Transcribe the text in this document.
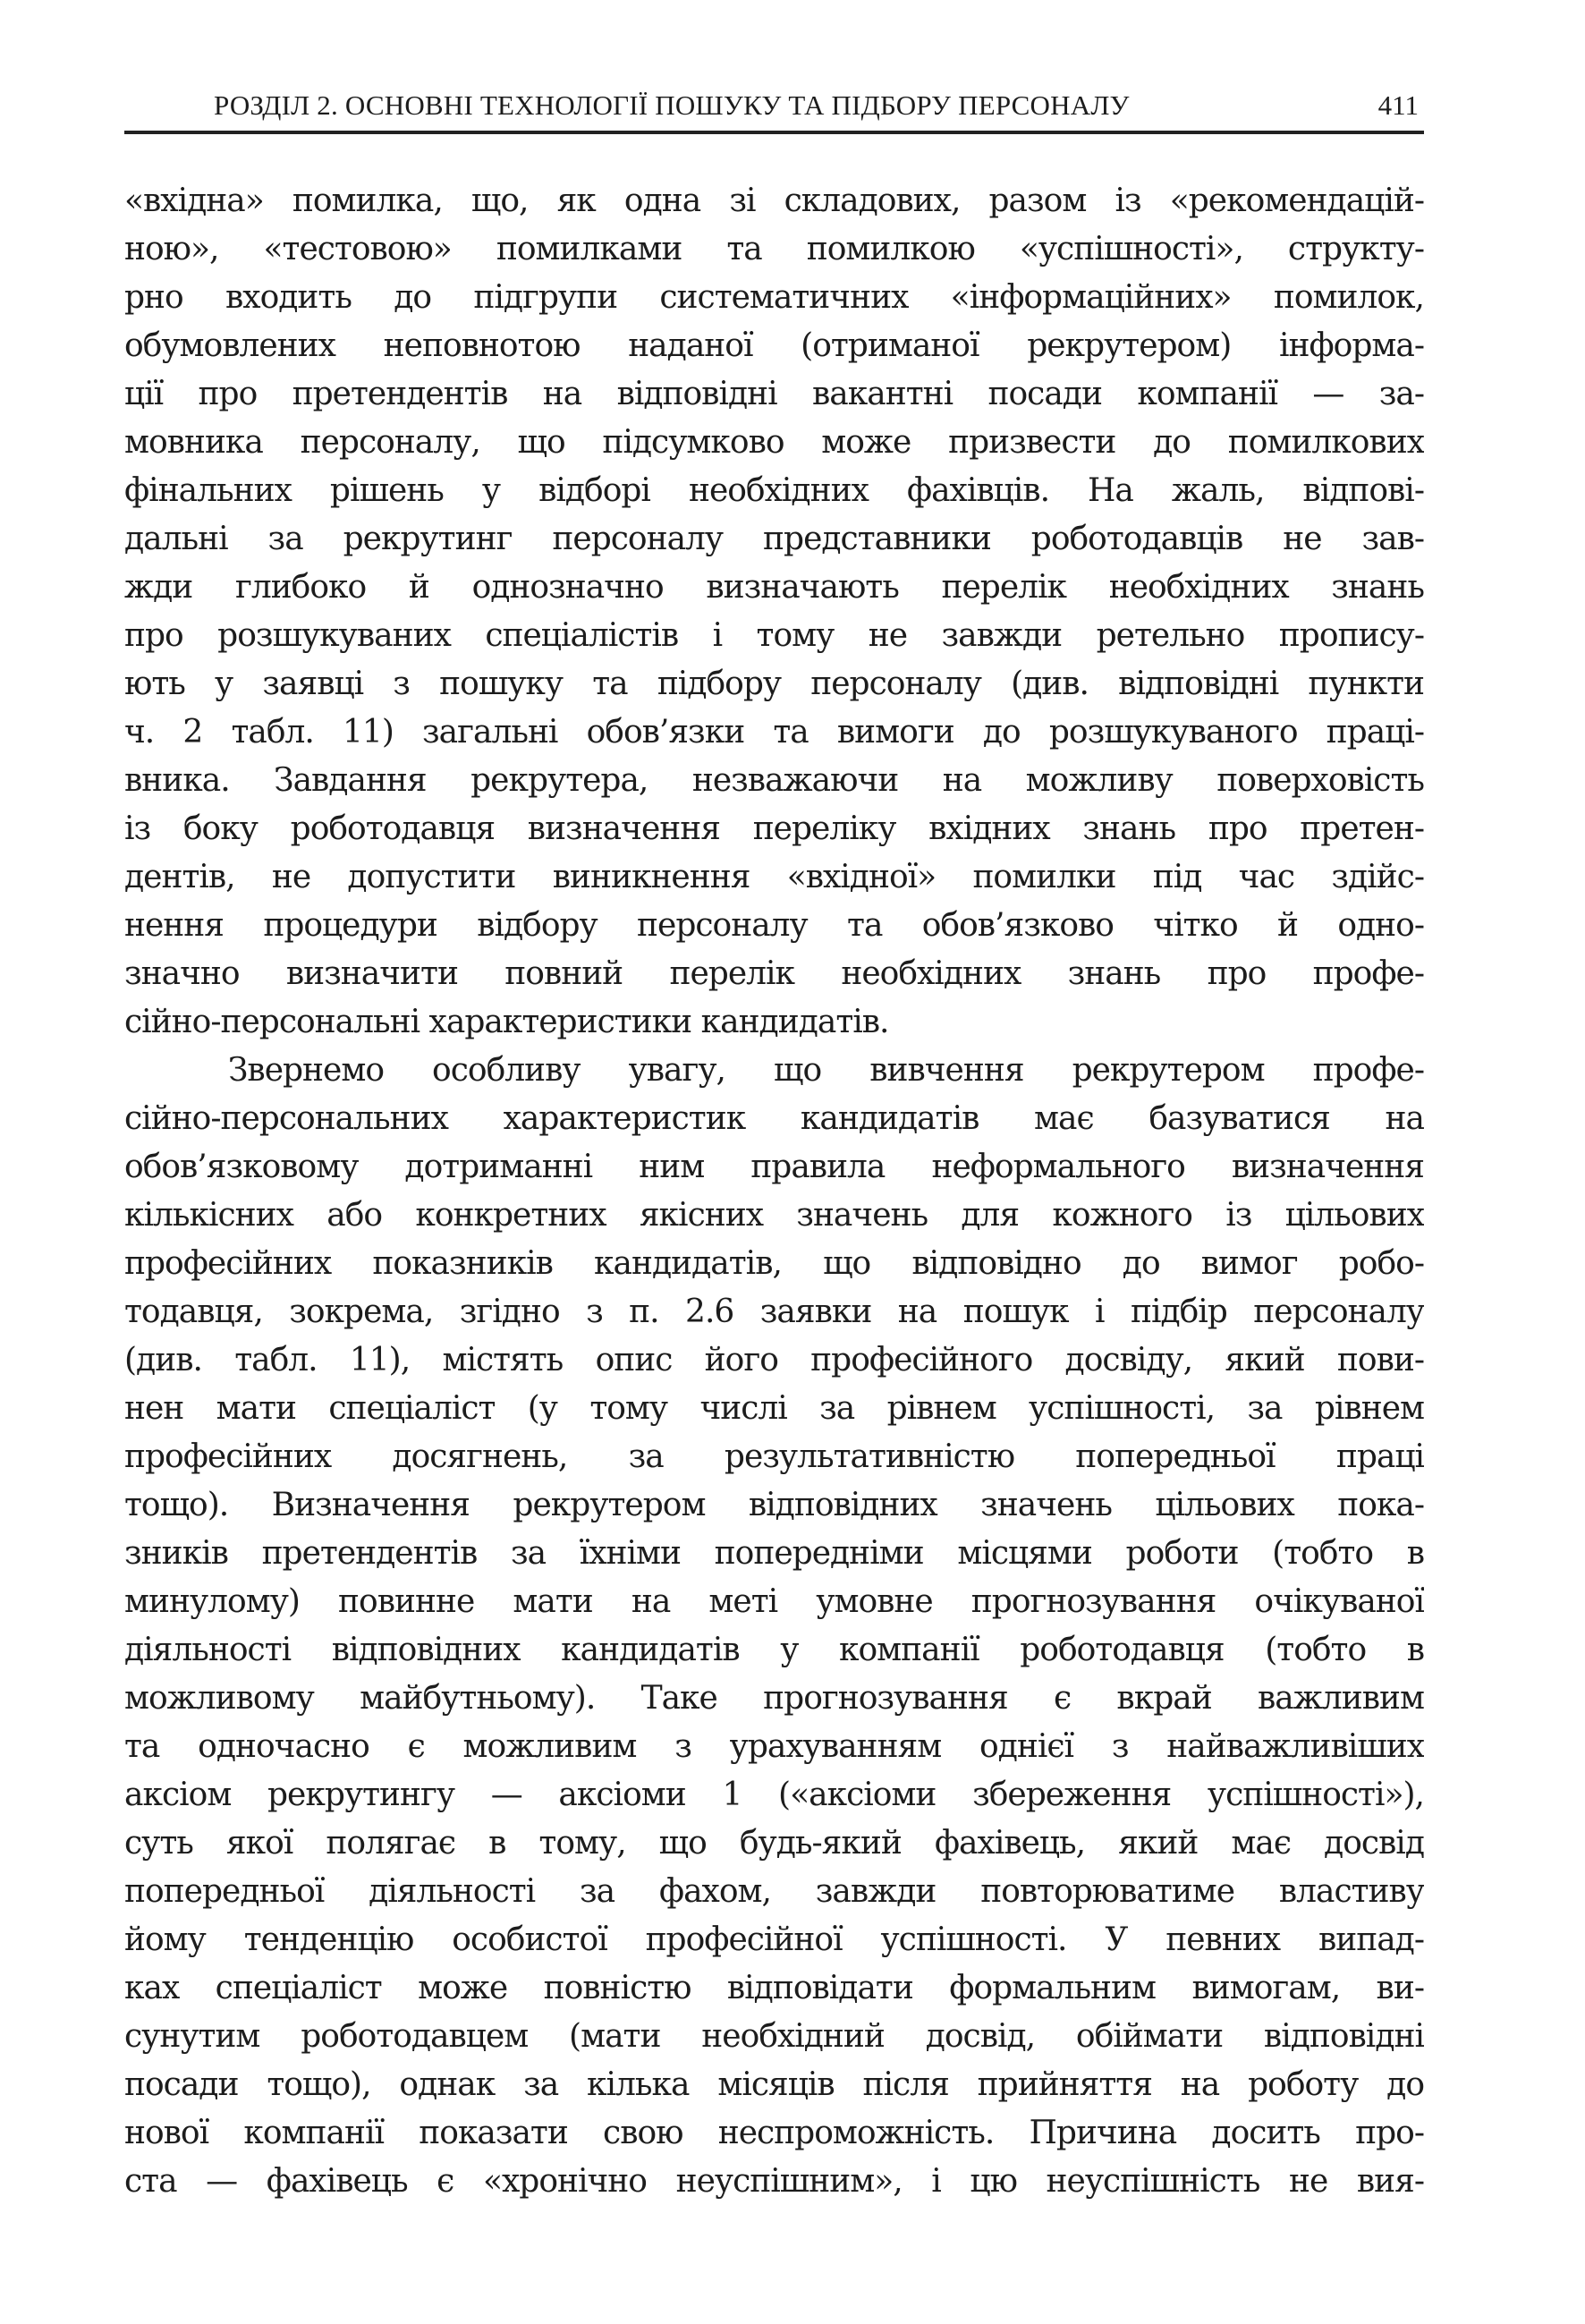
РОЗДІЛ 2. ОСНОВНІ ТЕХНОЛОГІЇ ПОШУКУ ТА ПІДБОРУ ПЕРСОНАЛУ	411
«вхідна» помилка, що, як одна зі складових, разом із «рекомендацій-
ною», «тестовою» помилками та помилкою «успішності», структу-
рно входить до підгрупи систематичних «інформаційних» помилок,
обумовлених неповнотою наданої (отриманої рекрутером) інформа-
ції про претендентів на відповідні вакантні посади компанії — за-
мовника персоналу, що підсумково може призвести до помилкових
фінальних рішень у відборі необхідних фахівців. На жаль, відпові-
дальні за рекрутинг персоналу представники роботодавців не зав-
жди глибоко й однозначно визначають перелік необхідних знань
про розшукуваних спеціалістів і тому не завжди ретельно пропису-
ють у заявці з пошуку та підбору персоналу (див. відповідні пункти
ч. 2 табл. 11) загальні обов’язки та вимоги до розшукуваного праці-
вника. Завдання рекрутера, незважаючи на можливу поверховість
із боку роботодавця визначення переліку вхідних знань про претен-
дентів, не допустити виникнення «вхідної» помилки під час здійс-
нення процедури відбору персоналу та обов’язково чітко й одно-
значно визначити повний перелік необхідних знань про профе-
сійно-персональні характеристики кандидатів.
Звернемо особливу увагу, що вивчення рекрутером профе-
сійно-персональних характеристик кандидатів має базуватися на
обов’язковому дотриманні ним правила неформального визначення
кількісних або конкретних якісних значень для кожного із цільових
професійних показників кандидатів, що відповідно до вимог робо-
тодавця, зокрема, згідно з п. 2.6 заявки на пошук і підбір персоналу
(див. табл. 11), містять опис його професійного досвіду, який пови-
нен мати спеціаліст (у тому числі за рівнем успішності, за рівнем
професійних досягнень, за результативністю попередньої праці
тощо). Визначення рекрутером відповідних значень цільових пока-
зників претендентів за їхніми попередніми місцями роботи (тобто в
минулому) повинне мати на меті умовне прогнозування очікуваної
діяльності відповідних кандидатів у компанії роботодавця (тобто в
можливому майбутньому). Таке прогнозування є вкрай важливим
та одночасно є можливим з урахуванням однієї з найважливіших
аксіом рекрутингу — аксіоми 1 («аксіоми збереження успішності»),
суть якої полягає в тому, що будь-який фахівець, який має досвід
попередньої діяльності за фахом, завжди повторюватиме властиву
йому тенденцію особистої професійної успішності. У певних випад-
ках спеціаліст може повністю відповідати формальним вимогам, ви-
сунутим роботодавцем (мати необхідний досвід, обіймати відповідні
посади тощо), однак за кілька місяців після прийняття на роботу до
нової компанії показати свою неспроможність. Причина досить про-
ста — фахівець є «хронічно неуспішним», і цю неуспішність не вия-
